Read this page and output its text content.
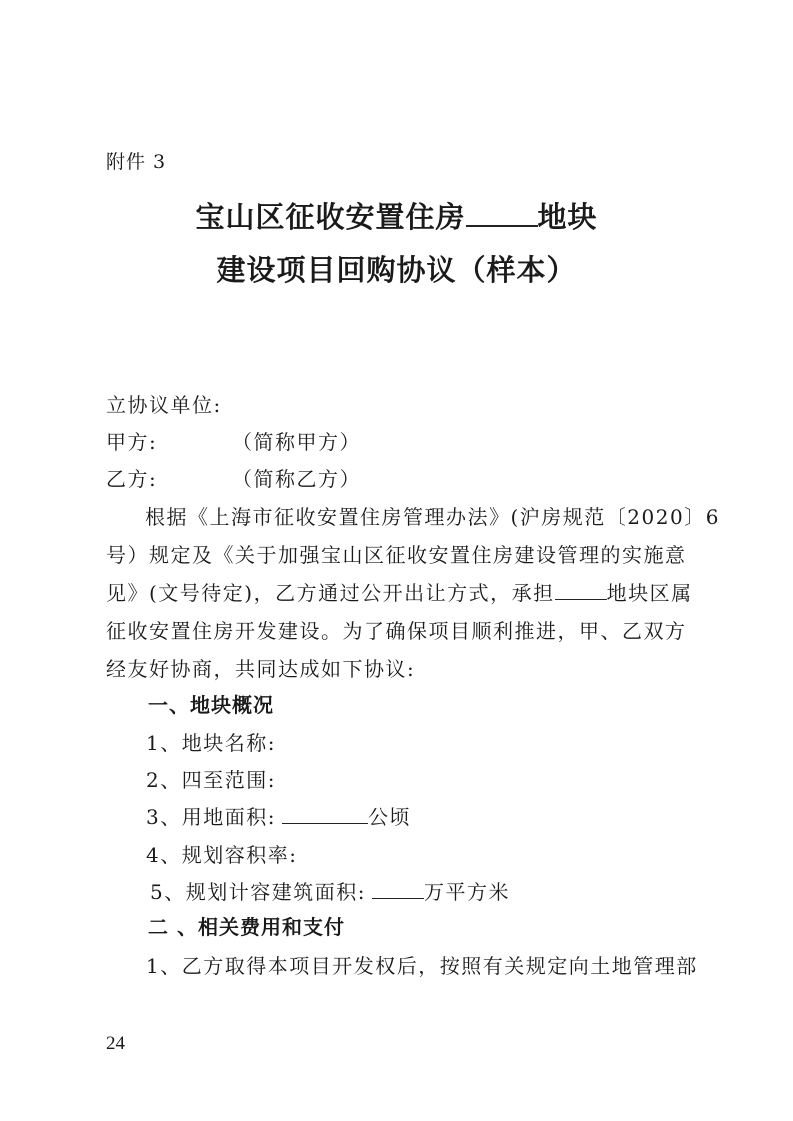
附件 3
宝山区征收安置住房 地块
建设项目回购协议（样本）
立协议单位:
甲方:	（简称甲方）
乙方:	（简称乙方）
根据《上海市征收安置住房管理办法》(沪房规范〔2020〕6
号）规定及《关于加强宝山区征收安置住房建设管理的实施意
见》(文号待定)，乙方通过公开出让方式，承担	地块区属
征收安置住房开发建设。为了确保项目顺利推进，甲、乙双方
经友好协商，共同达成如下协议:
一、地块概况
1、地块名称:
2、四至范围:
3、用地面积:	公顷
4、规划容积率:
5、规划计容建筑面积:	万平方米
二 、相关费用和支付
1、乙方取得本项目开发权后，按照有关规定向土地管理部
24
